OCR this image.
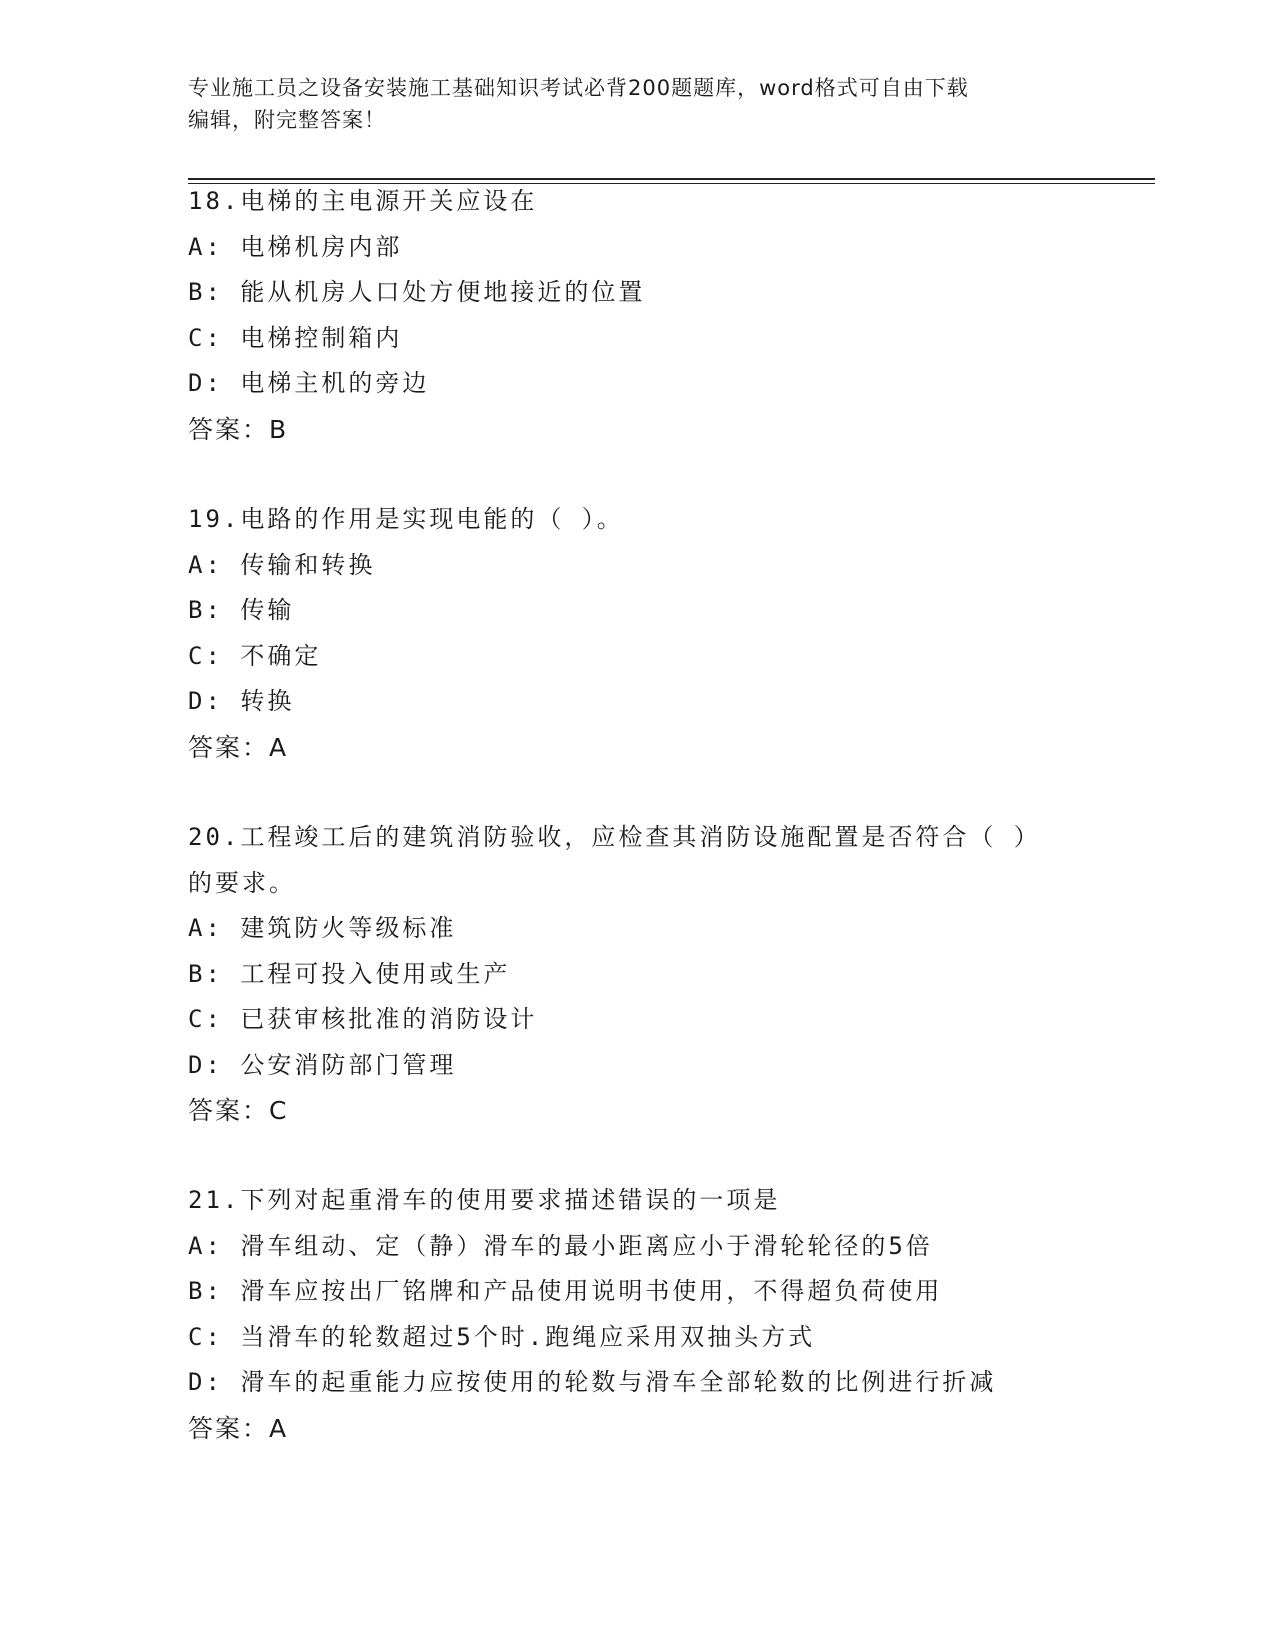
专业施工员之设备安装施工基础知识考试必背200题题库，word格式可自由下载
编辑，附完整答案！
18.电梯的主电源开关应设在
A: 电梯机房内部
B: 能从机房人口处方便地接近的位置
C: 电梯控制箱内
D: 电梯主机的旁边
答案：B
19.电路的作用是实现电能的（ ）。
A: 传输和转换
B: 传输
C: 不确定
D: 转换
答案：A
20.工程竣工后的建筑消防验收，应检查其消防设施配置是否符合（ ）的要求。
A: 建筑防火等级标准
B: 工程可投入使用或生产
C: 已获审核批准的消防设计
D: 公安消防部门管理
答案：C
21.下列对起重滑车的使用要求描述错误的一项是
A: 滑车组动、定（静）滑车的最小距离应小于滑轮轮径的5倍
B: 滑车应按出厂铭牌和产品使用说明书使用，不得超负荷使用
C: 当滑车的轮数超过5个时.跑绳应采用双抽头方式
D: 滑车的起重能力应按使用的轮数与滑车全部轮数的比例进行折减
答案：A
